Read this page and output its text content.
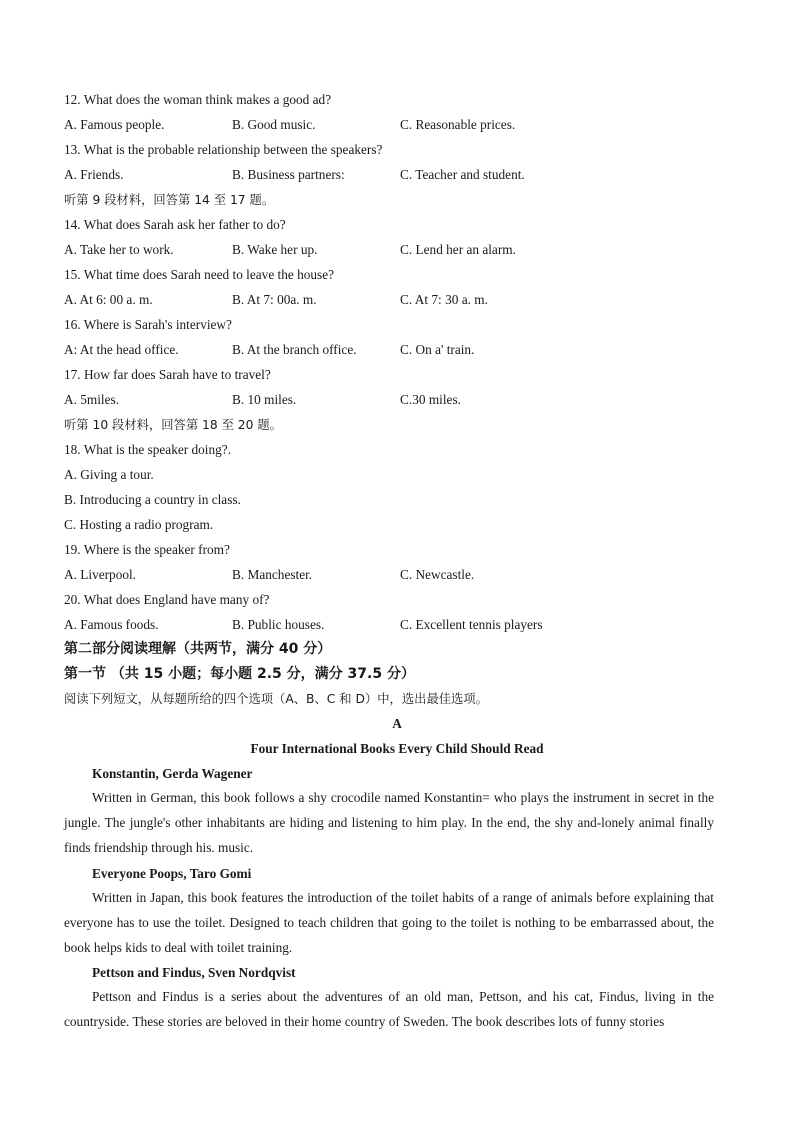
12. What does the woman think makes a good ad?
A. Famous people.	B. Good music.	C. Reasonable prices.
13. What is the probable relationship between the speakers?
A. Friends.	B. Business partners:	C. Teacher and student.
听第 9 段材料，回答第 14 至 17 题。
14. What does Sarah ask her father to do?
A. Take her to work.	B. Wake her up.	C. Lend her an alarm.
15. What time does Sarah need to leave the house?
A. At 6: 00 a. m.	B. At 7: 00a. m.	C. At 7: 30 a. m.
16. Where is Sarah's interview?
A: At the head office.	B. At the branch office.	C. On a' train.
17. How far does Sarah have to travel?
A. 5miles.	B. 10 miles.	C.30 miles.
听第 10 段材料，回答第 18 至 20 题。
18. What is the speaker doing?.
A. Giving a tour.
B. Introducing a country in class.
C. Hosting a radio program.
19. Where is the speaker from?
A. Liverpool.	B. Manchester.	C. Newcastle.
20. What does England have many of?
A. Famous foods.	B. Public houses.	C. Excellent tennis players
第二部分阅读理解（共两节，满分 40 分）
第一节 （共 15 小题；每小题 2.5 分，满分 37.5 分）
阅读下列短文，从每题所给的四个选项（A、B、C 和 D）中，选出最佳选项。
A
Four International Books Every Child Should Read
Konstantin, Gerda Wagener
Written in German, this book follows a shy crocodile named Konstantin= who plays the instrument in secret in the jungle. The jungle's other inhabitants are hiding and listening to him play. In the end, the shy and-lonely animal finally finds friendship through his. music.
Everyone Poops, Taro Gomi
Written in Japan, this book features the introduction of the toilet habits of a range of animals before explaining that everyone has to use the toilet. Designed to teach children that going to the toilet is nothing to be embarrassed about, the book helps kids to deal with toilet training.
Pettson and Findus, Sven Nordqvist
Pettson and Findus is a series about the adventures of an old man, Pettson, and his cat, Findus, living in the countryside. These stories are beloved in their home country of Sweden. The book describes lots of funny stories
